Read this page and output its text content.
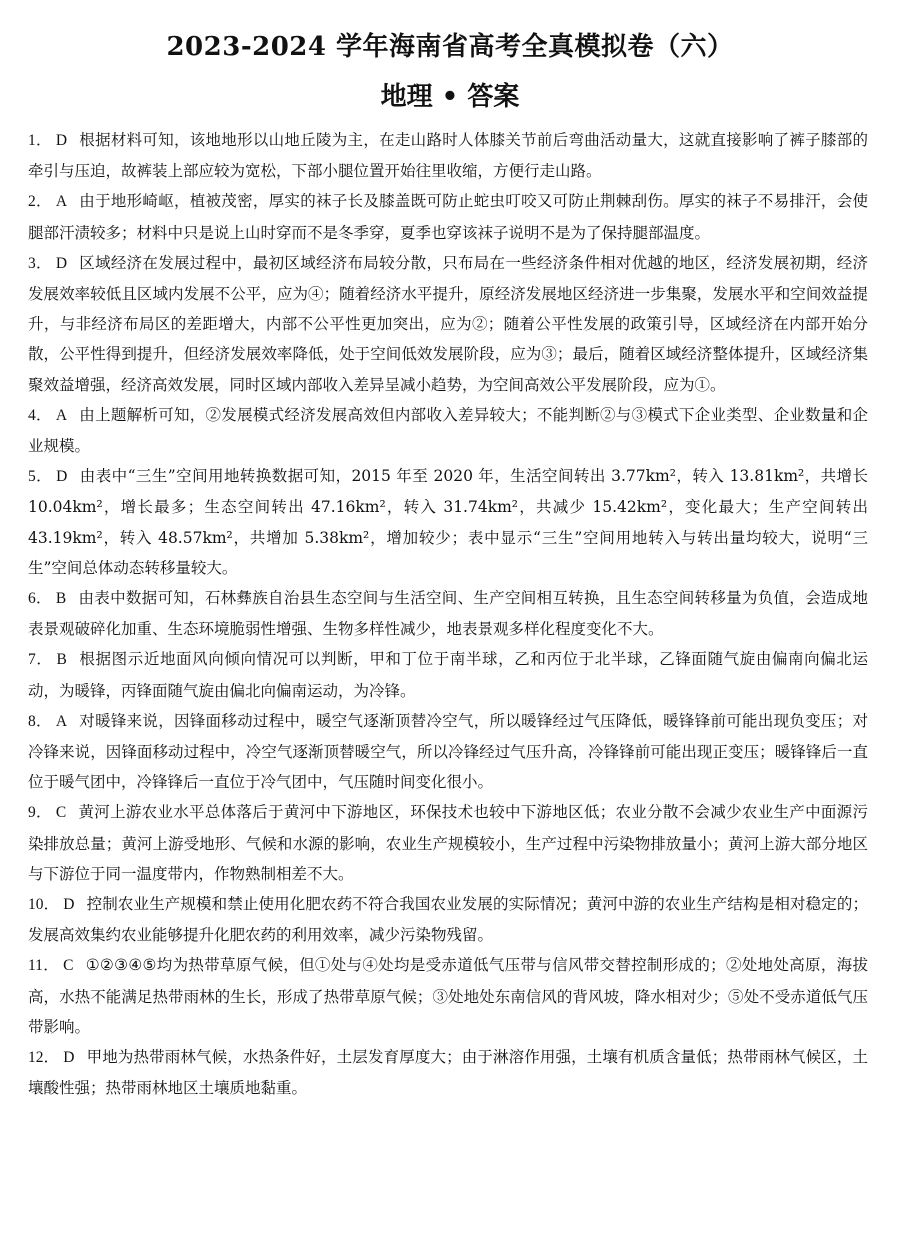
2023-2024 学年海南省高考全真模拟卷（六）
地理 • 答案

1． D 根据材料可知，该地地形以山地丘陵为主，在走山路时人体膝关节前后弯曲活动量大，这就直接影响了裤子膝部的牵引与压迫，故裤装上部应较为宽松，下部小腿位置开始往里收缩，方便行走山路。

2． A 由于地形崎岖，植被茂密，厚实的袜子长及膝盖既可防止蛇虫叮咬又可防止荆棘刮伤。厚实的袜子不易排汗，会使腿部汗渍较多；材料中只是说上山时穿而不是冬季穿，夏季也穿该袜子说明不是为了保持腿部温度。

3． D 区域经济在发展过程中，最初区域经济布局较分散，只布局在一些经济条件相对优越的地区，经济发展初期，经济发展效率较低且区域内发展不公平，应为④；随着经济水平提升，原经济发展地区经济进一步集聚，发展水平和空间效益提升，与非经济布局区的差距增大，内部不公平性更加突出，应为②；随着公平性发展的政策引导，区域经济在内部开始分散，公平性得到提升，但经济发展效率降低，处于空间低效发展阶段，应为③；最后，随着区域经济整体提升，区域经济集聚效益增强，经济高效发展，同时区域内部收入差异呈减小趋势，为空间高效公平发展阶段，应为①。

4． A 由上题解析可知，②发展模式经济发展高效但内部收入差异较大；不能判断②与③模式下企业类型、企业数量和企业规模。

5． D 由表中“三生”空间用地转换数据可知，2015 年至 2020 年，生活空间转出 3.77km²，转入 13.81km²，共增长 10.04km²，增长最多；生态空间转出 47.16km²，转入 31.74km²，共减少 15.42km²，变化最大；生产空间转出 43.19km²，转入 48.57km²，共增加 5.38km²，增加较少；表中显示“三生”空间用地转入与转出量均较大，说明“三生”空间总体动态转移量较大。

6． B 由表中数据可知，石林彝族自治县生态空间与生活空间、生产空间相互转换，且生态空间转移量为负值，会造成地表景观破碎化加重、生态环境脆弱性增强、生物多样性减少，地表景观多样化程度变化不大。

7． B 根据图示近地面风向倾向情况可以判断，甲和丁位于南半球，乙和丙位于北半球，乙锋面随气旋由偏南向偏北运动，为暖锋，丙锋面随气旋由偏北向偏南运动，为冷锋。

8． A 对暖锋来说，因锋面移动过程中，暖空气逐渐顶替冷空气，所以暖锋经过气压降低，暖锋锋前可能出现负变压；对冷锋来说，因锋面移动过程中，冷空气逐渐顶替暖空气，所以冷锋经过气压升高，冷锋锋前可能出现正变压；暖锋锋后一直位于暖气团中，冷锋锋后一直位于冷气团中，气压随时间变化很小。

9． C 黄河上游农业水平总体落后于黄河中下游地区，环保技术也较中下游地区低；农业分散不会减少农业生产中面源污染排放总量；黄河上游受地形、气候和水源的影响，农业生产规模较小，生产过程中污染物排放量小；黄河上游大部分地区与下游位于同一温度带内，作物熟制相差不大。

10． D 控制农业生产规模和禁止使用化肥农药不符合我国农业发展的实际情况；黄河中游的农业生产结构是相对稳定的；发展高效集约农业能够提升化肥农药的利用效率，减少污染物残留。

11． C ①②③④⑤均为热带草原气候，但①处与④处均是受赤道低气压带与信风带交替控制形成的；②处地处高原，海拔高，水热不能满足热带雨林的生长，形成了热带草原气候；③处地处东南信风的背风坡，降水相对少；⑤处不受赤道低气压带影响。

12． D 甲地为热带雨林气候，水热条件好，土层发育厚度大；由于淋溶作用强，土壤有机质含量低；热带雨林气候区，土壤酸性强；热带雨林地区土壤质地黏重。
